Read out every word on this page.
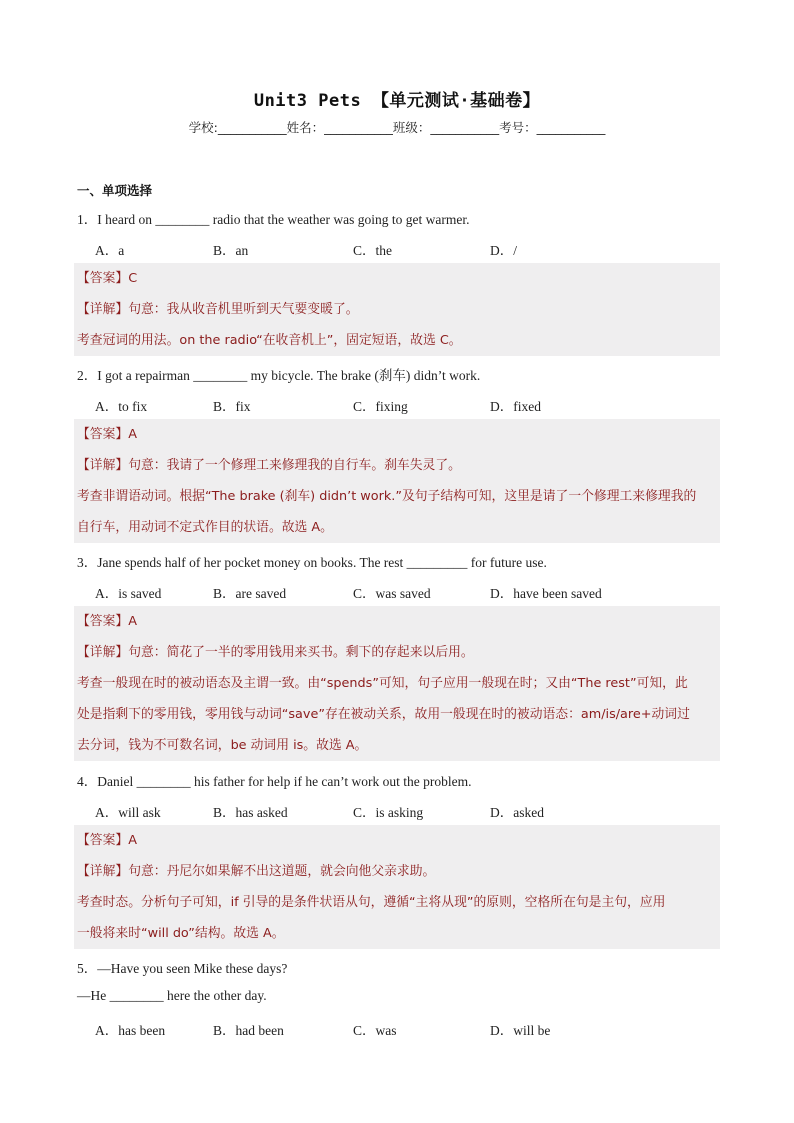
Unit3 Pets 【单元测试·基础卷】
学校:___________姓名：___________班级：___________考号：___________
一、单项选择
1．I heard on ________ radio that the weather was going to get warmer.
A．a	B．an	C．the	D．/
【答案】C
【详解】句意：我从收音机里听到天气要变暖了。
考查冠词的用法。on the radio“在收音机上”，固定短语，故选 C。
2．I got a repairman ________ my bicycle. The brake (刹车) didn’t work.
A．to fix	B．fix	C．fixing	D．fixed
【答案】A
【详解】句意：我请了一个修理工来修理我的自行车。刹车失灵了。
考查非谓语动词。根据“The brake (刹车) didn’t work.”及句子结构可知，这里是请了一个修理工来修理我的
自行车，用动词不定式作目的状语。故选 A。
3．Jane spends half of her pocket money on books. The rest _________ for future use.
A．is saved	B．are saved	C．was saved	D．have been saved
【答案】A
【详解】句意：简花了一半的零用钱用来买书。剩下的存起来以后用。
考查一般现在时的被动语态及主谓一致。由“spends”可知，句子应用一般现在时；又由“The rest”可知，此
处是指剩下的零用钱，零用钱与动词“save”存在被动关系，故用一般现在时的被动语态：am/is/are+动词过
去分词，钱为不可数名词，be 动词用 is。故选 A。
4．Daniel ________ his father for help if he can’t work out the problem.
A．will ask	B．has asked	C．is asking	D．asked
【答案】A
【详解】句意：丹尼尔如果解不出这道题，就会向他父亲求助。
考查时态。分析句子可知，if 引导的是条件状语从句，遵循“主将从现”的原则，空格所在句是主句，应用
一般将来时“will do”结构。故选 A。
5．—Have you seen Mike these days?
—He ________ here the other day.
A．has been	B．had been	C．was	D．will be
